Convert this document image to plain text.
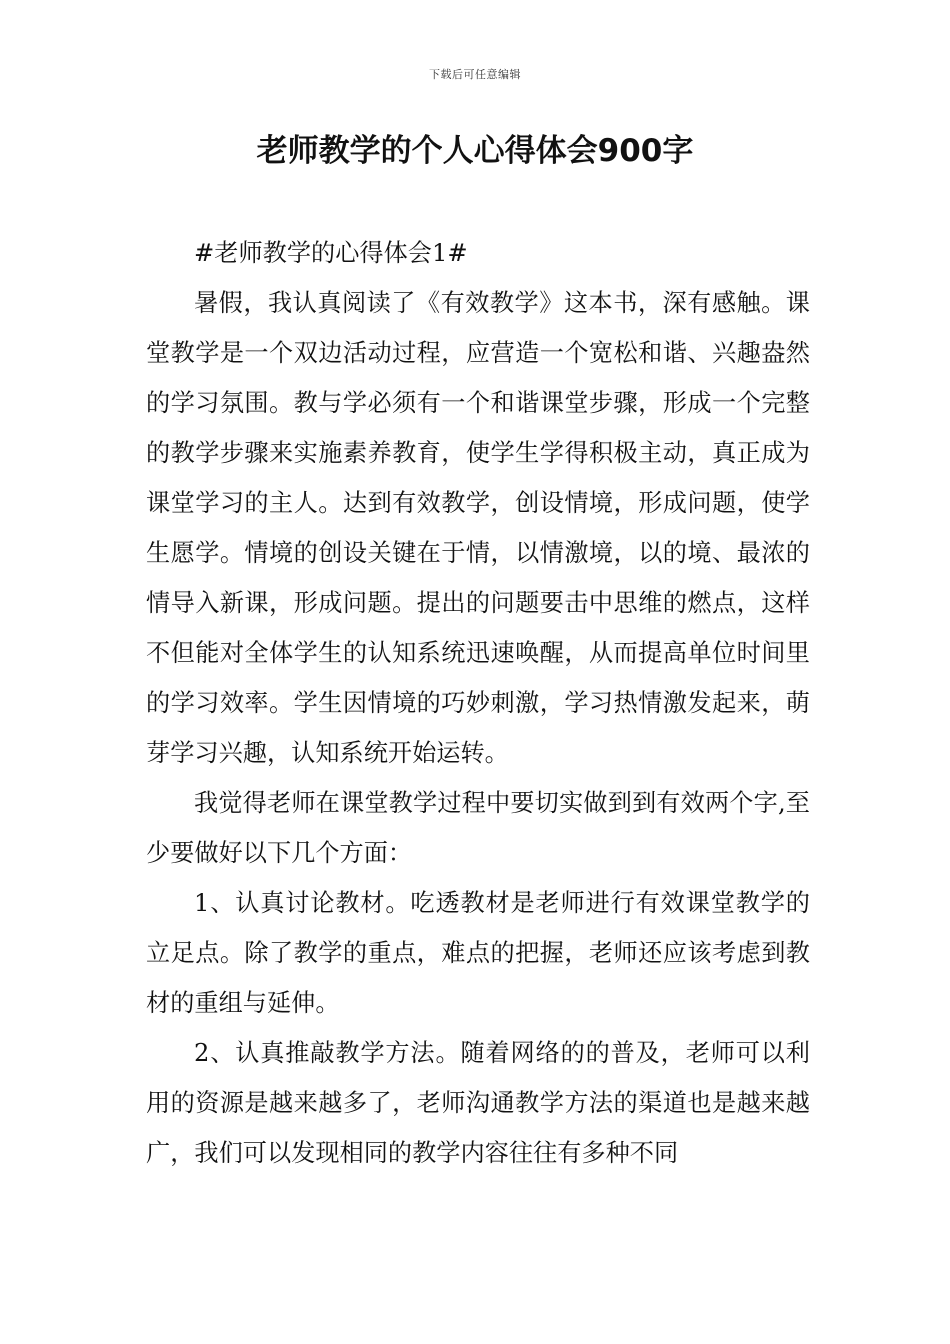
下载后可任意编辑
老师教学的个人心得体会900字

#老师教学的心得体会1#

暑假，我认真阅读了《有效教学》这本书，深有感触。课堂教学是一个双边活动过程，应营造一个宽松和谐、兴趣盎然的学习氛围。教与学必须有一个和谐课堂步骤，形成一个完整的教学步骤来实施素养教育，使学生学得积极主动，真正成为课堂学习的主人。达到有效教学，创设情境，形成问题，使学生愿学。情境的创设关键在于情，以情激境，以的境、最浓的情导入新课，形成问题。提出的问题要击中思维的燃点，这样不但能对全体学生的认知系统迅速唤醒，从而提高单位时间里的学习效率。学生因情境的巧妙刺激，学习热情激发起来，萌芽学习兴趣，认知系统开始运转。

我觉得老师在课堂教学过程中要切实做到到有效两个字,至少要做好以下几个方面：

1、认真讨论教材。吃透教材是老师进行有效课堂教学的立足点。除了教学的重点，难点的把握，老师还应该考虑到教材的重组与延伸。

2、认真推敲教学方法。随着网络的的普及，老师可以利用的资源是越来越多了，老师沟通教学方法的渠道也是越来越广，我们可以发现相同的教学内容往往有多种不同
